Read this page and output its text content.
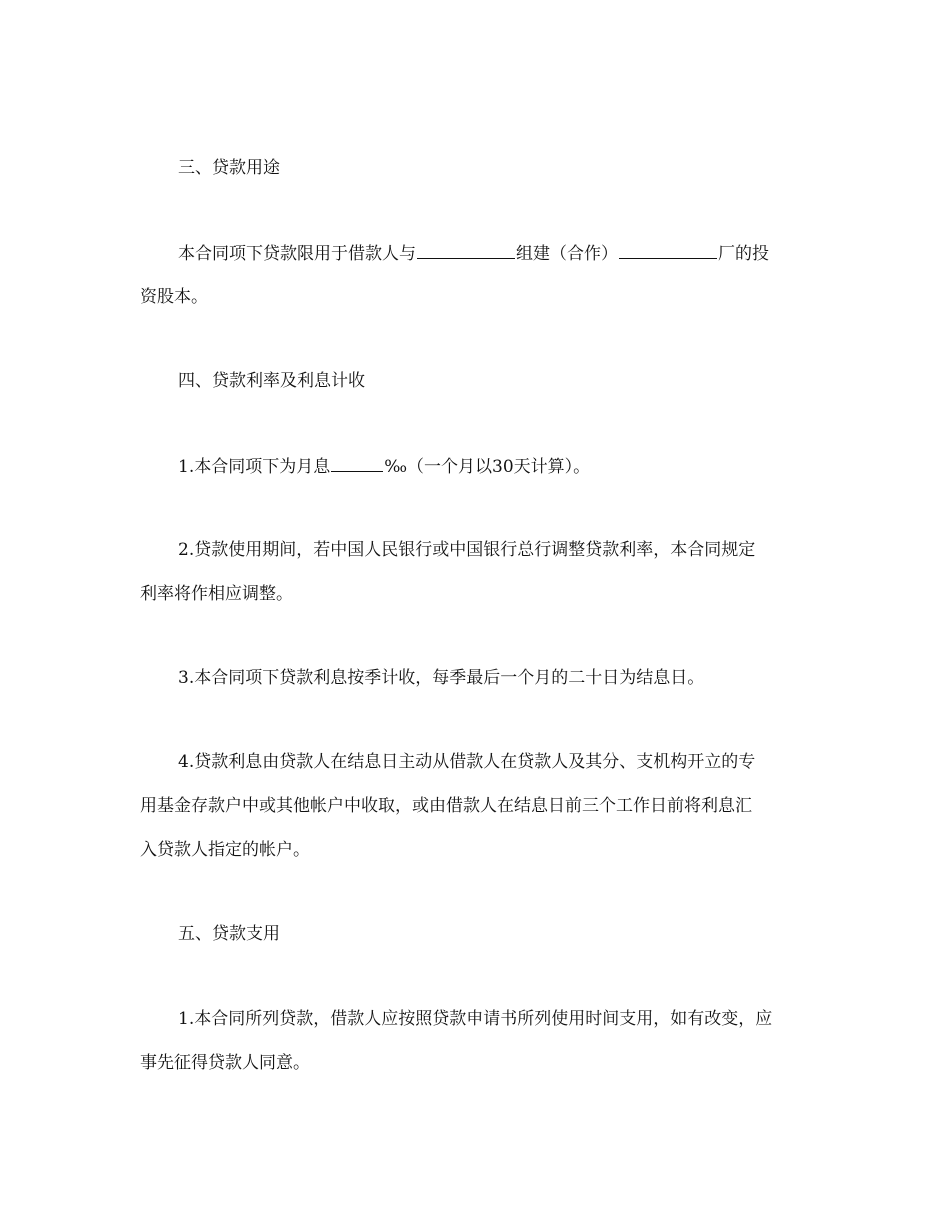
三、贷款用途
本合同项下贷款限用于借款人与	组建（合作）	厂的投
资股本。
四、贷款利率及利息计收
1.本合同项下为月息	‰（一个月以30天计算）。
2.贷款使用期间，若中国人民银行或中国银行总行调整贷款利率，本合同规定
利率将作相应调整。
3.本合同项下贷款利息按季计收，每季最后一个月的二十日为结息日。
4.贷款利息由贷款人在结息日主动从借款人在贷款人及其分、支机构开立的专
用基金存款户中或其他帐户中收取，或由借款人在结息日前三个工作日前将利息汇
入贷款人指定的帐户。
五、贷款支用
1.本合同所列贷款，借款人应按照贷款申请书所列使用时间支用，如有改变，应
事先征得贷款人同意。
